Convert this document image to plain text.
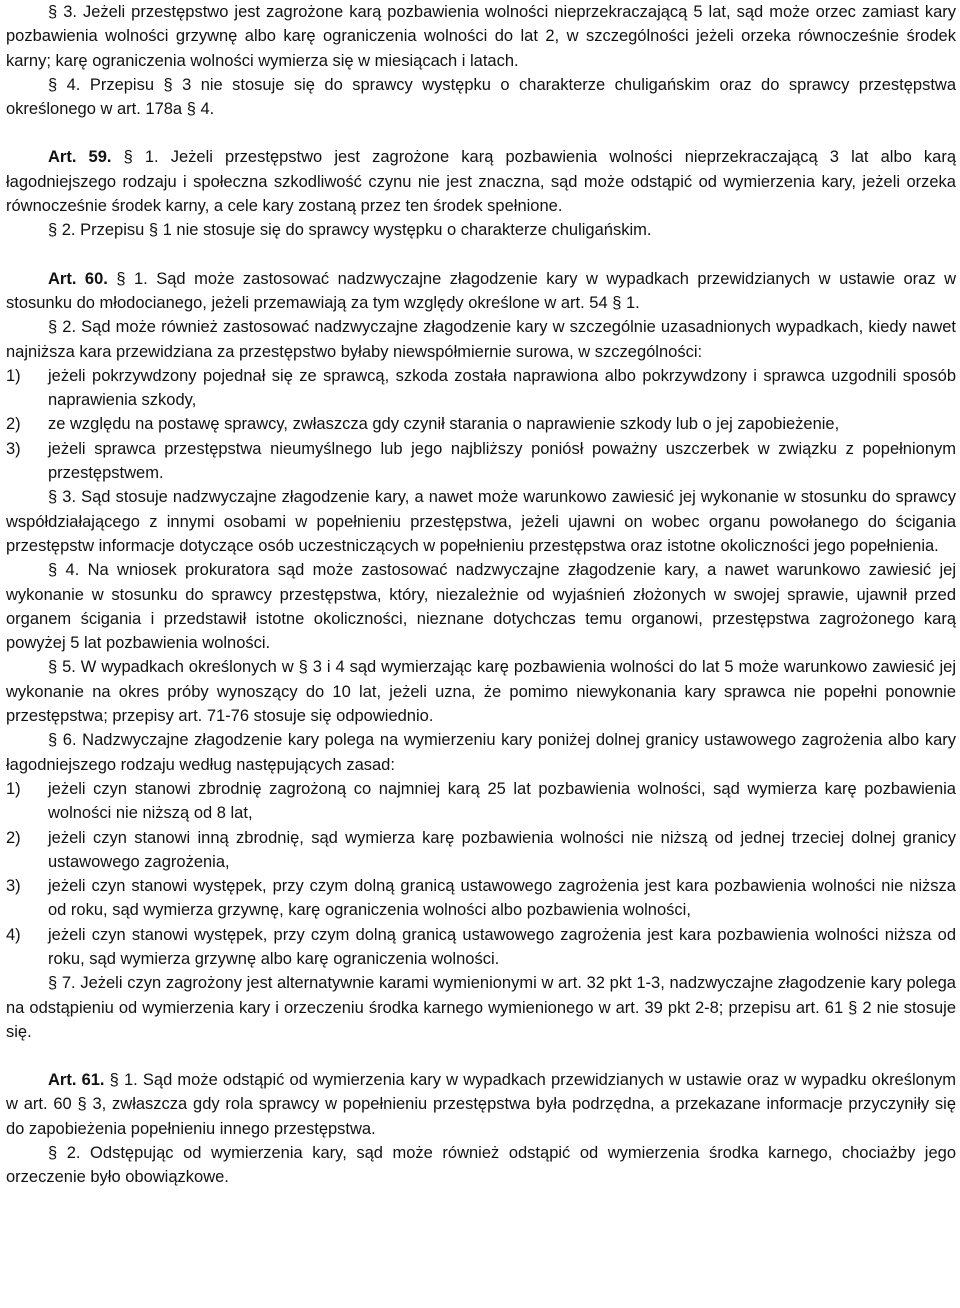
§ 3. Jeżeli przestępstwo jest zagrożone karą pozbawienia wolności nieprzekraczającą 5 lat, sąd może orzec zamiast kary pozbawienia wolności grzywnę albo karę ograniczenia wolności do lat 2, w szczególności jeżeli orzeka równocześnie środek karny; karę ograniczenia wolności wymierza się w miesiącach i latach.

§ 4. Przepisu § 3 nie stosuje się do sprawcy występku o charakterze chuligańskim oraz do sprawcy przestępstwa określonego w art. 178a § 4.

Art. 59. § 1. Jeżeli przestępstwo jest zagrożone karą pozbawienia wolności nieprzekraczającą 3 lat albo karą łagodniejszego rodzaju i społeczna szkodliwość czynu nie jest znaczna, sąd może odstąpić od wymierzenia kary, jeżeli orzeka równocześnie środek karny, a cele kary zostaną przez ten środek spełnione.

§ 2. Przepisu § 1 nie stosuje się do sprawcy występku o charakterze chuligańskim.

Art. 60. § 1. Sąd może zastosować nadzwyczajne złagodzenie kary w wypadkach przewidzianych w ustawie oraz w stosunku do młodocianego, jeżeli przemawiają za tym względy określone w art. 54 § 1.

§ 2. Sąd może również zastosować nadzwyczajne złagodzenie kary w szczególnie uzasadnionych wypadkach, kiedy nawet najniższa kara przewidziana za przestępstwo byłaby niewspółmiernie surowa, w szczególności:

1)	jeżeli pokrzywdzony pojednał się ze sprawcą, szkoda została naprawiona albo pokrzywdzony i sprawca uzgodnili sposób naprawienia szkody,
2)	ze względu na postawę sprawcy, zwłaszcza gdy czynił starania o naprawienie szkody lub o jej zapobieżenie,
3)	jeżeli sprawca przestępstwa nieumyślnego lub jego najbliższy poniósł poważny uszczerbek w związku z popełnionym przestępstwem.

§ 3. Sąd stosuje nadzwyczajne złagodzenie kary, a nawet może warunkowo zawiesić jej wykonanie w stosunku do sprawcy współdziałającego z innymi osobami w popełnieniu przestępstwa, jeżeli ujawni on wobec organu powołanego do ścigania przestępstw informacje dotyczące osób uczestniczących w popełnieniu przestępstwa oraz istotne okoliczności jego popełnienia.

§ 4. Na wniosek prokuratora sąd może zastosować nadzwyczajne złagodzenie kary, a nawet warunkowo zawiesić jej wykonanie w stosunku do sprawcy przestępstwa, który, niezależnie od wyjaśnień złożonych w swojej sprawie, ujawnił przed organem ścigania i przedstawił istotne okoliczności, nieznane dotychczas temu organowi, przestępstwa zagrożonego karą powyżej 5 lat pozbawienia wolności.

§ 5. W wypadkach określonych w § 3 i 4 sąd wymierzając karę pozbawienia wolności do lat 5 może warunkowo zawiesić jej wykonanie na okres próby wynoszący do 10 lat, jeżeli uzna, że pomimo niewykonania kary sprawca nie popełni ponownie przestępstwa; przepisy art. 71-76 stosuje się odpowiednio.

§ 6. Nadzwyczajne złagodzenie kary polega na wymierzeniu kary poniżej dolnej granicy ustawowego zagrożenia albo kary łagodniejszego rodzaju według następujących zasad:

1)	jeżeli czyn stanowi zbrodnię zagrożoną co najmniej karą 25 lat pozbawienia wolności, sąd wymierza karę pozbawienia wolności nie niższą od 8 lat,
2)	jeżeli czyn stanowi inną zbrodnię, sąd wymierza karę pozbawienia wolności nie niższą od jednej trzeciej dolnej granicy ustawowego zagrożenia,
3)	jeżeli czyn stanowi występek, przy czym dolną granicą ustawowego zagrożenia jest kara pozbawienia wolności nie niższa od roku, sąd wymierza grzywnę, karę ograniczenia wolności albo pozbawienia wolności,
4)	jeżeli czyn stanowi występek, przy czym dolną granicą ustawowego zagrożenia jest kara pozbawienia wolności niższa od roku, sąd wymierza grzywnę albo karę ograniczenia wolności.

§ 7. Jeżeli czyn zagrożony jest alternatywnie karami wymienionymi w art. 32 pkt 1-3, nadzwyczajne złagodzenie kary polega na odstąpieniu od wymierzenia kary i orzeczeniu środka karnego wymienionego w art. 39 pkt 2-8; przepisu art. 61 § 2 nie stosuje się.

Art. 61. § 1. Sąd może odstąpić od wymierzenia kary w wypadkach przewidzianych w ustawie oraz w wypadku określonym w art. 60 § 3, zwłaszcza gdy rola sprawcy w popełnieniu przestępstwa była podrzędna, a przekazane informacje przyczyniły się do zapobieżenia popełnieniu innego przestępstwa.

§ 2. Odstępując od wymierzenia kary, sąd może również odstąpić od wymierzenia środka karnego, chociażby jego orzeczenie było obowiązkowe.
